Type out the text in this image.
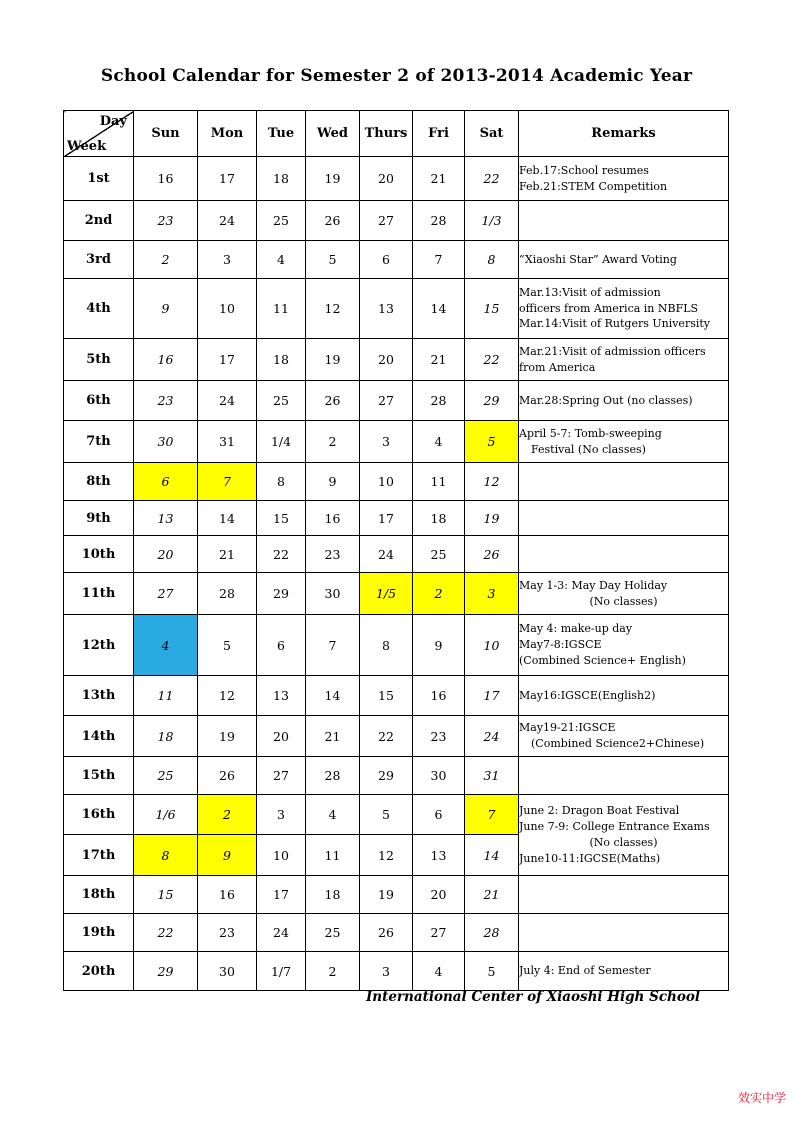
School Calendar for Semester 2 of 2013-2014 Academic Year
Day
Week	Sun	Mon	Tue	Wed	Thurs	Fri	Sat	Remarks
1st	16	17	18	19	20	21	22	Feb.17:School resumes
Feb.21:STEM Competition

2nd	23	24	25	26	27	28	1/3	
3rd	2	3	4	5	6	7	8	“Xiaoshi Star” Award Voting

4th	9	10	11	12	13	14	15	Mar.13:Visit of admission
officers from America in NBFLS
Mar.14:Visit of Rutgers University

5th	16	17	18	19	20	21	22	Mar.21:Visit of admission officers
from America

6th	23	24	25	26	27	28	29	Mar.28:Spring Out (no classes)

7th	30	31	1/4	2	3	4	5	April 5-7: Tomb-sweeping
Festival (No classes)

8th	6	7	8	9	10	11	12	
9th	13	14	15	16	17	18	19	
10th	20	21	22	23	24	25	26	
11th	27	28	29	30	1/5	2	3	May 1-3: May Day Holiday
(No classes)

12th	4	5	6	7	8	9	10	May 4: make-up day
May7-8:IGSCE
(Combined Science+ English)

13th	11	12	13	14	15	16	17	May16:IGSCE(English2)

14th	18	19	20	21	22	23	24	May19-21:IGSCE
(Combined Science2+Chinese)

15th	25	26	27	28	29	30	31	
16th	1/6	2	3	4	5	6	7	June 2: Dragon Boat Festival
June 7-9: College Entrance Exams
(No classes)
June10-11:IGCSE(Maths)

17th	8	9	10	11	12	13	14	
18th	15	16	17	18	19	20	21	
19th	22	23	24	25	26	27	28	
20th	29	30	1/7	2	3	4	5	July 4: End of Semester
International Center of Xiaoshi High School
效实中学
